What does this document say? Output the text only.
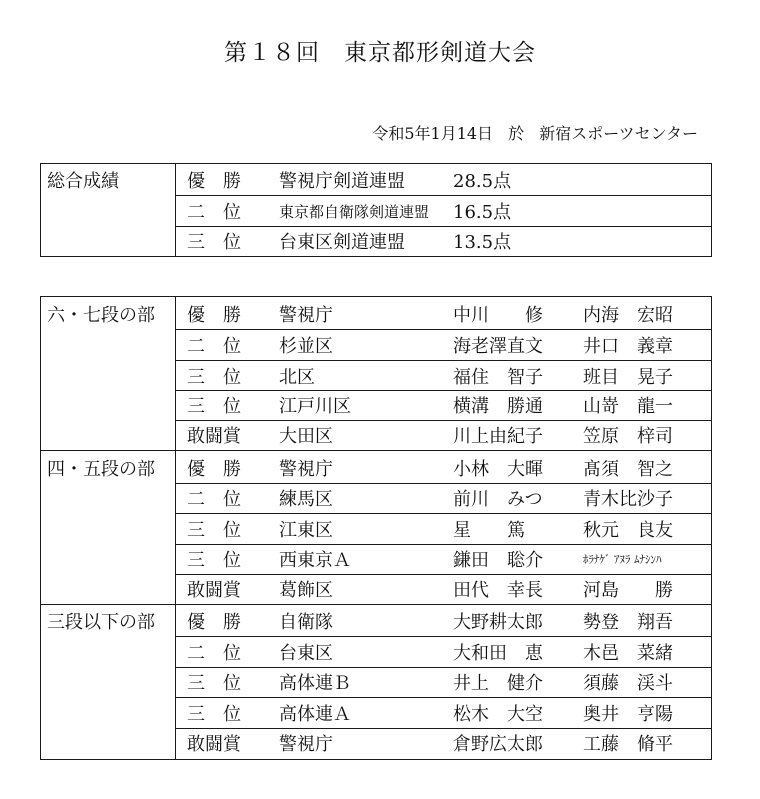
第１８回　東京都形剣道大会
令和5年1月14日 於 新宿スポーツセンター
総合成績	優　勝 警視庁剣道連盟	28.5点
二　位	東京都自衛隊剣道連盟 16.5点
三　位 台東区剣道連盟	13.5点
六・七段の部 優　勝 警視庁	中川　　修 内海　宏昭
二　位 杉並区	海老澤直文 井口　義章
三　位 北区	福住　智子 班目　晃子
三　位 江戸川区	横溝　勝通 山嵜　龍一
敢闘賞 大田区	川上由紀子 笠原　梓司
四・五段の部 優　勝 警視庁	小林　大暉 髙須　智之
二　位 練馬区	前川　みつ 青木比沙子
三　位 江東区	星　　篤	秋元　良友
三　位 西東京Ａ	鎌田　聡介	ﾎﾗﾅｹﾞ ｱﾇﾗ ﾑﾅｼﾝﾊ
敢闘賞 葛飾区	田代　幸長 河島　　勝
三段以下の部 優　勝 自衛隊	大野耕太郎 勢登　翔吾
二　位 台東区	大和田　恵 木邑　菜緒
三　位 高体連Ｂ	井上　健介 須藤　渓斗
三　位 高体連Ａ	松木　大空 奥井　亨陽
敢闘賞 警視庁	倉野広太郎 工藤　脩平
